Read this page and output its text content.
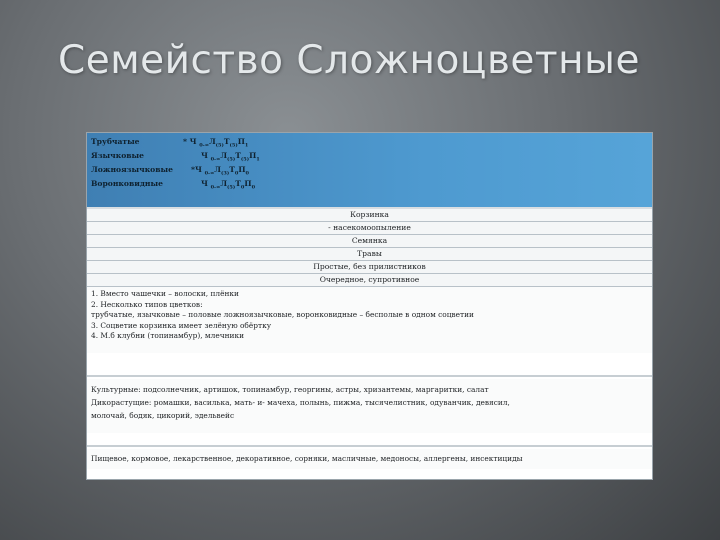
Семейство Сложноцветные
Трубчатые	* Ч $_{0-\infty}Л_{(5)}Т_{(5)}П_1$
Язычковые	Ч $_{0-\infty}Л_{(5)}Т_{(5)}П_1$
Ложноязычковые *Ч $_{0-\infty}Л_{(3)}Т_0П_0$
Воронковидные	Ч $_{0-\infty}Л_{(5)}Т_0П_0$
Корзинка
- насекомоопыление
Семянка
Травы
Простые, без прилистников
Очередное, супротивное
1. Вместо чашечки – волоски, плёнки
2. Несколько типов цветков:
трубчатые, язычковые – половые ложноязычковые, воронковидные – бесполые в одном соцветии
3. Соцветие корзинка имеет зелёную обёртку
4. М.б клубни (топинамбур), млечники
Культурные: подсолнечник, артишок, топинамбур, георгины, астры, хризантемы, маргаритки, салат
Дикорастущие: ромашки, василька, мать- и- мачеха, полынь, пижма, тысячелистник, одуванчик, девясил,
молочай, бодяк, цикорий, эдельвейс
Пищевое, кормовое, лекарственное, декоративное, сорняки, масличные, медоносы, аллергены, инсектициды
